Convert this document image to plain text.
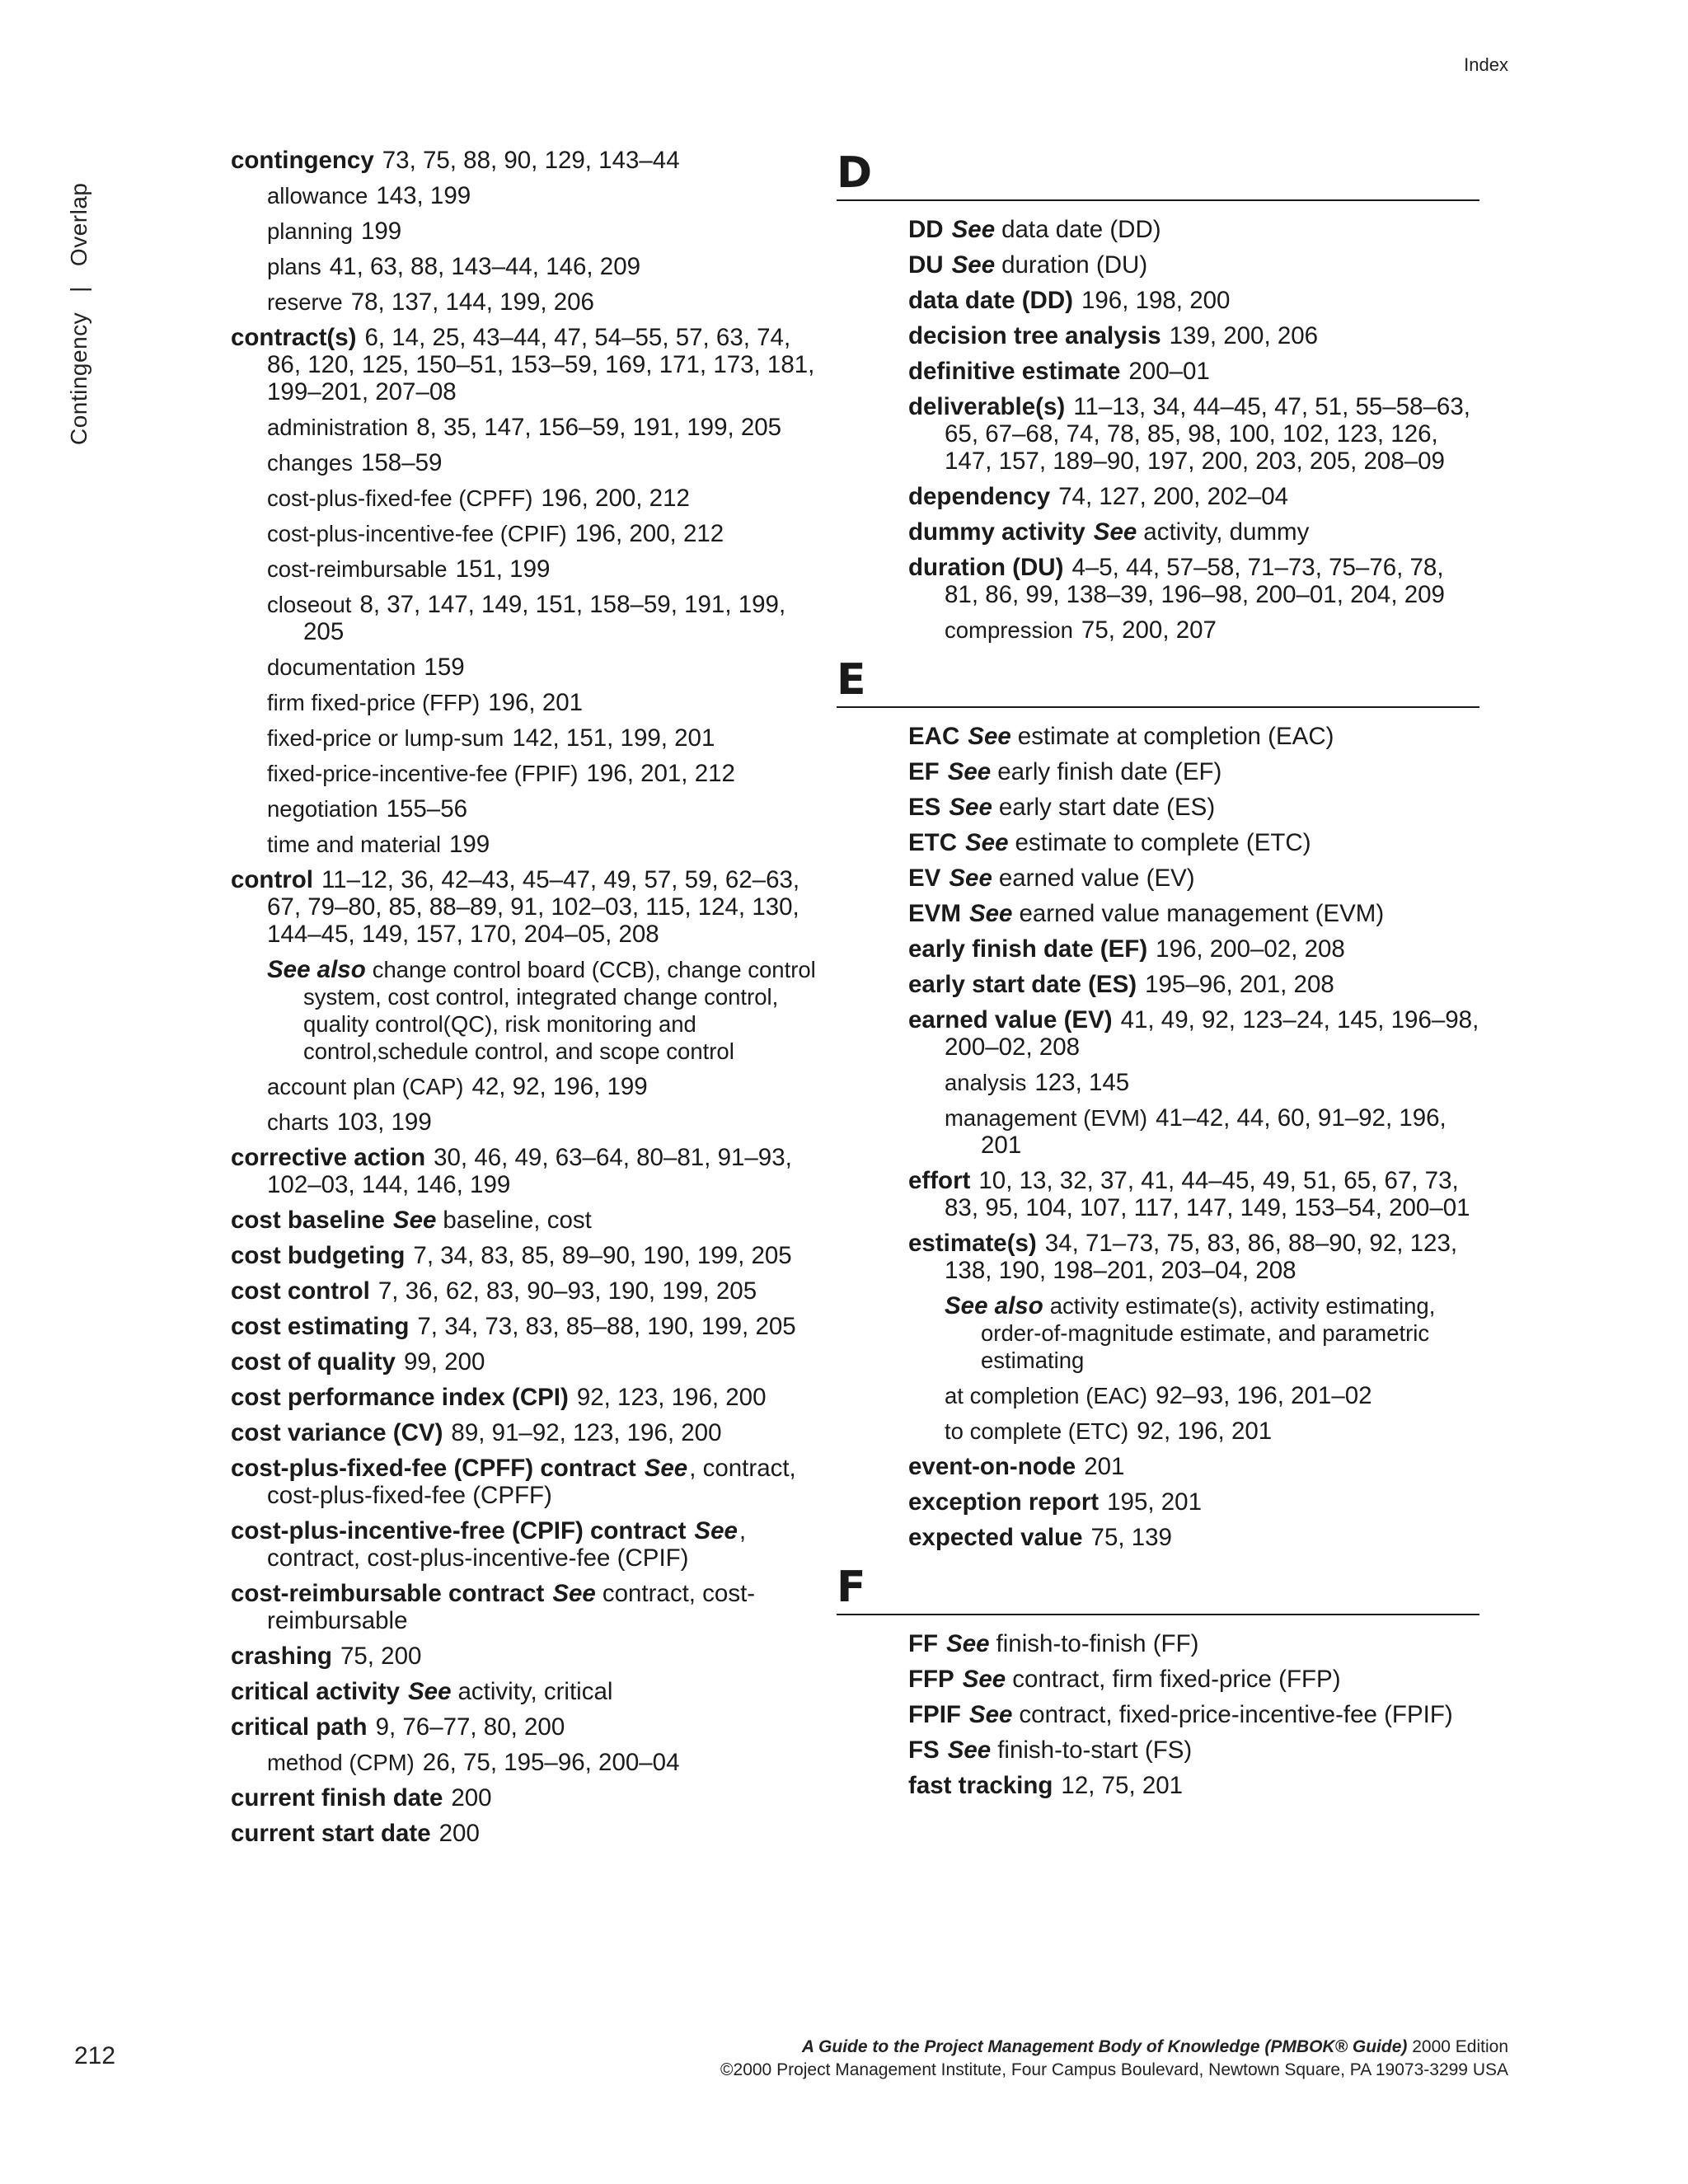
Index
Contingency|Overlap
contingency 73, 75, 88, 90, 129, 143–44
allowance 143, 199
planning 199
plans 41, 63, 88, 143–44, 146, 209
reserve 78, 137, 144, 199, 206
contract(s) 6, 14, 25, 43–44, 47, 54–55, 57, 63, 74, 86, 120, 125, 150–51, 153–59, 169, 171, 173, 181, 199–201, 207–08
administration 8, 35, 147, 156–59, 191, 199, 205
changes 158–59
cost-plus-fixed-fee (CPFF) 196, 200, 212
cost-plus-incentive-fee (CPIF) 196, 200, 212
cost-reimbursable 151, 199
closeout 8, 37, 147, 149, 151, 158–59, 191, 199, 205
documentation 159
firm fixed-price (FFP) 196, 201
fixed-price or lump-sum 142, 151, 199, 201
fixed-price-incentive-fee (FPIF) 196, 201, 212
negotiation 155–56
time and material 199
control 11–12, 36, 42–43, 45–47, 49, 57, 59, 62–63, 67, 79–80, 85, 88–89, 91, 102–03, 115, 124, 130, 144–45, 149, 157, 170, 204–05, 208
See also change control board (CCB), change control system, cost control, integrated change control, quality control(QC), risk monitoring and control,schedule control, and scope control
account plan (CAP) 42, 92, 196, 199
charts 103, 199
corrective action 30, 46, 49, 63–64, 80–81, 91–93, 102–03, 144, 146, 199
cost baseline See baseline, cost
cost budgeting 7, 34, 83, 85, 89–90, 190, 199, 205
cost control 7, 36, 62, 83, 90–93, 190, 199, 205
cost estimating 7, 34, 73, 83, 85–88, 190, 199, 205
cost of quality 99, 200
cost performance index (CPI) 92, 123, 196, 200
cost variance (CV) 89, 91–92, 123, 196, 200
cost-plus-fixed-fee (CPFF) contract See, contract, cost-plus-fixed-fee (CPFF)
cost-plus-incentive-free (CPIF) contract See, contract, cost-plus-incentive-fee (CPIF)
cost-reimbursable contract See contract, cost-reimbursable
crashing 75, 200
critical activity See activity, critical
critical path 9, 76–77, 80, 200
method (CPM) 26, 75, 195–96, 200–04
current finish date 200
current start date 200
D
DD See data date (DD)
DU See duration (DU)
data date (DD) 196, 198, 200
decision tree analysis 139, 200, 206
definitive estimate 200–01
deliverable(s) 11–13, 34, 44–45, 47, 51, 55–58–63, 65, 67–68, 74, 78, 85, 98, 100, 102, 123, 126, 147, 157, 189–90, 197, 200, 203, 205, 208–09
dependency 74, 127, 200, 202–04
dummy activity See activity, dummy
duration (DU) 4–5, 44, 57–58, 71–73, 75–76, 78, 81, 86, 99, 138–39, 196–98, 200–01, 204, 209
compression 75, 200, 207
E
EAC See estimate at completion (EAC)
EF See early finish date (EF)
ES See early start date (ES)
ETC See estimate to complete (ETC)
EV See earned value (EV)
EVM See earned value management (EVM)
early finish date (EF) 196, 200–02, 208
early start date (ES) 195–96, 201, 208
earned value (EV) 41, 49, 92, 123–24, 145, 196–98, 200–02, 208
analysis 123, 145
management (EVM) 41–42, 44, 60, 91–92, 196, 201
effort 10, 13, 32, 37, 41, 44–45, 49, 51, 65, 67, 73, 83, 95, 104, 107, 117, 147, 149, 153–54, 200–01
estimate(s) 34, 71–73, 75, 83, 86, 88–90, 92, 123, 138, 190, 198–201, 203–04, 208
See also activity estimate(s), activity estimating, order-of-magnitude estimate, and parametric estimating
at completion (EAC) 92–93, 196, 201–02
to complete (ETC) 92, 196, 201
event-on-node 201
exception report 195, 201
expected value 75, 139
F
FF See finish-to-finish (FF)
FFP See contract, firm fixed-price (FFP)
FPIF See contract, fixed-price-incentive-fee (FPIF)
FS See finish-to-start (FS)
fast tracking 12, 75, 201
212	A Guide to the Project Management Body of Knowledge (PMBOK® Guide) 2000 Edition
©2000 Project Management Institute, Four Campus Boulevard, Newtown Square, PA 19073-3299 USA
